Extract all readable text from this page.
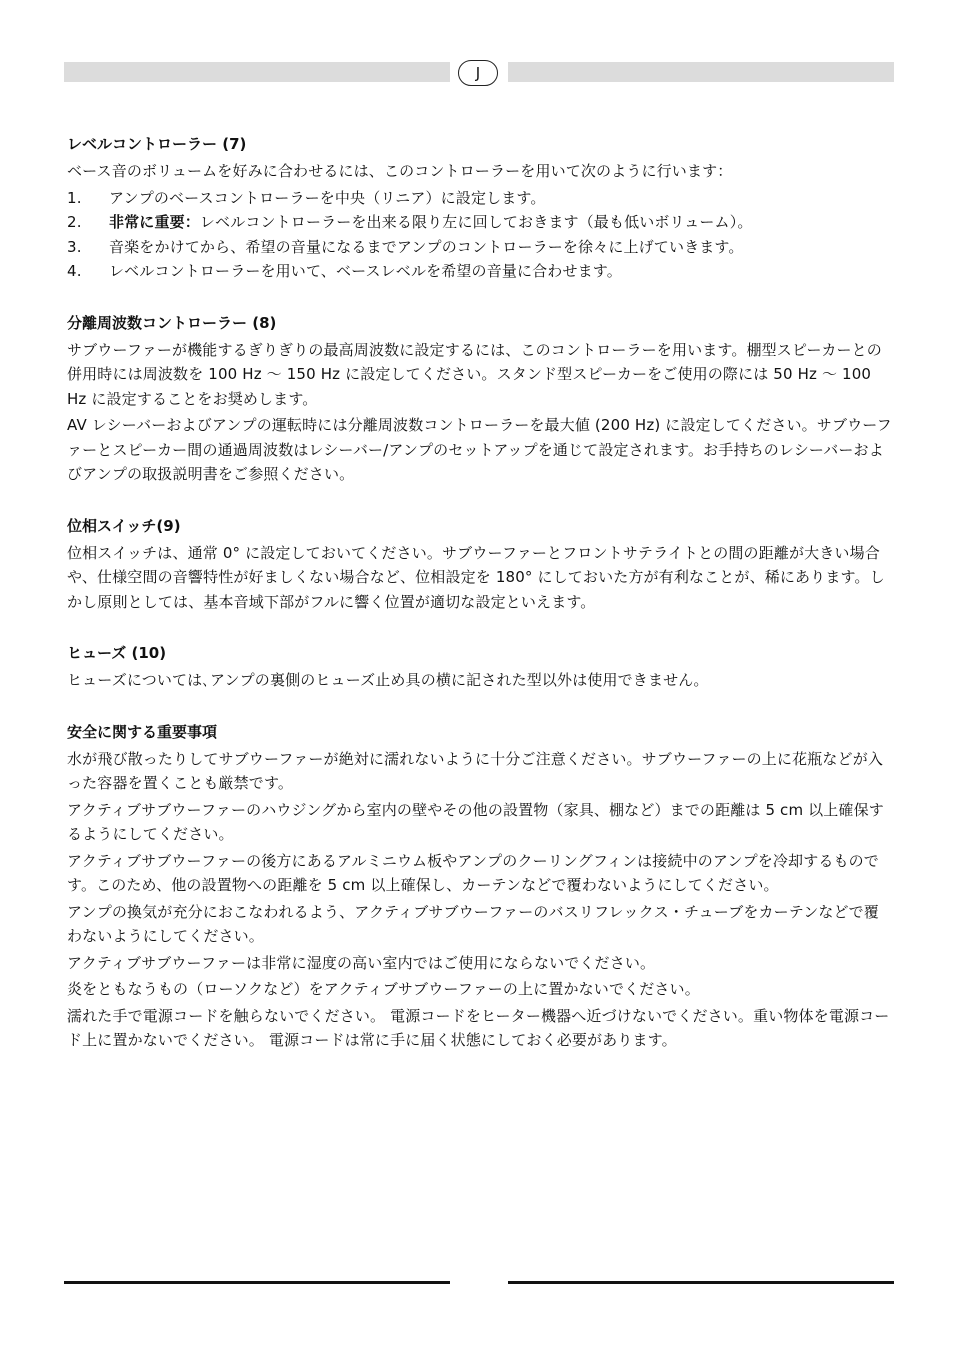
J
レベルコントローラー (7)

ベース音のボリュームを好みに合わせるには、このコントローラーを用いて次のように行います：

1.	アンプのベースコントローラーを中央（リニア）に設定します。
2.	非常に重要：レベルコントローラーを出来る限り左に回しておきます（最も低いボリューム）。
3.	音楽をかけてから、希望の音量になるまでアンプのコントローラーを徐々に上げていきます。
4.	レベルコントローラーを用いて、ベースレベルを希望の音量に合わせます。
分離周波数コントローラー (8)

サブウーファーが機能するぎりぎりの最高周波数に設定するには、このコントローラーを用います。棚型スピーカーとの併用時には周波数を 100 Hz 〜 150 Hz に設定してください。スタンド型スピーカーをご使用の際には 50 Hz 〜 100 Hz に設定することをお奨めします。

AV レシーバーおよびアンプの運転時には分離周波数コントローラーを最大値 (200 Hz) に設定してください。サブウーファーとスピーカー間の通過周波数はレシーバー/アンプのセットアップを通じて設定されます。お手持ちのレシーバーおよびアンプの取扱説明書をご参照ください。

位相スイッチ(9)

位相スイッチは、通常 0° に設定しておいてください。サブウーファーとフロントサテライトとの間の距離が大きい場合や、仕様空間の音響特性が好ましくない場合など、位相設定を 180° にしておいた方が有利なことが、稀にあります。しかし原則としては、基本音域下部がフルに響く位置が適切な設定といえます。

ヒューズ (10)

ヒューズについては､アンプの裏側のヒューズ止め具の横に記された型以外は使用できません｡

安全に関する重要事項

水が飛び散ったりしてサブウーファーが絶対に濡れないように十分ご注意ください。サブウーファーの上に花瓶などが入った容器を置くことも厳禁です。

アクティブサブウーファーのハウジングから室内の壁やその他の設置物（家具、棚など）までの距離は 5 cm 以上確保するようにしてください。

アクティブサブウーファーの後方にあるアルミニウム板やアンプのクーリングフィンは接続中のアンプを冷却するものです。このため、他の設置物への距離を 5 cm 以上確保し、カーテンなどで覆わないようにしてください。

アンプの換気が充分におこなわれるよう、アクティブサブウーファーのバスリフレックス・チューブをカーテンなどで覆わないようにしてください。

アクティブサブウーファーは非常に湿度の高い室内ではご使用にならないでください。

炎をともなうもの（ローソクなど）をアクティブサブウーファーの上に置かないでください。

濡れた手で電源コードを触らないでください。 電源コードをヒーター機器へ近づけないでください。重い物体を電源コード上に置かないでください。 電源コードは常に手に届く状態にしておく必要があります。
